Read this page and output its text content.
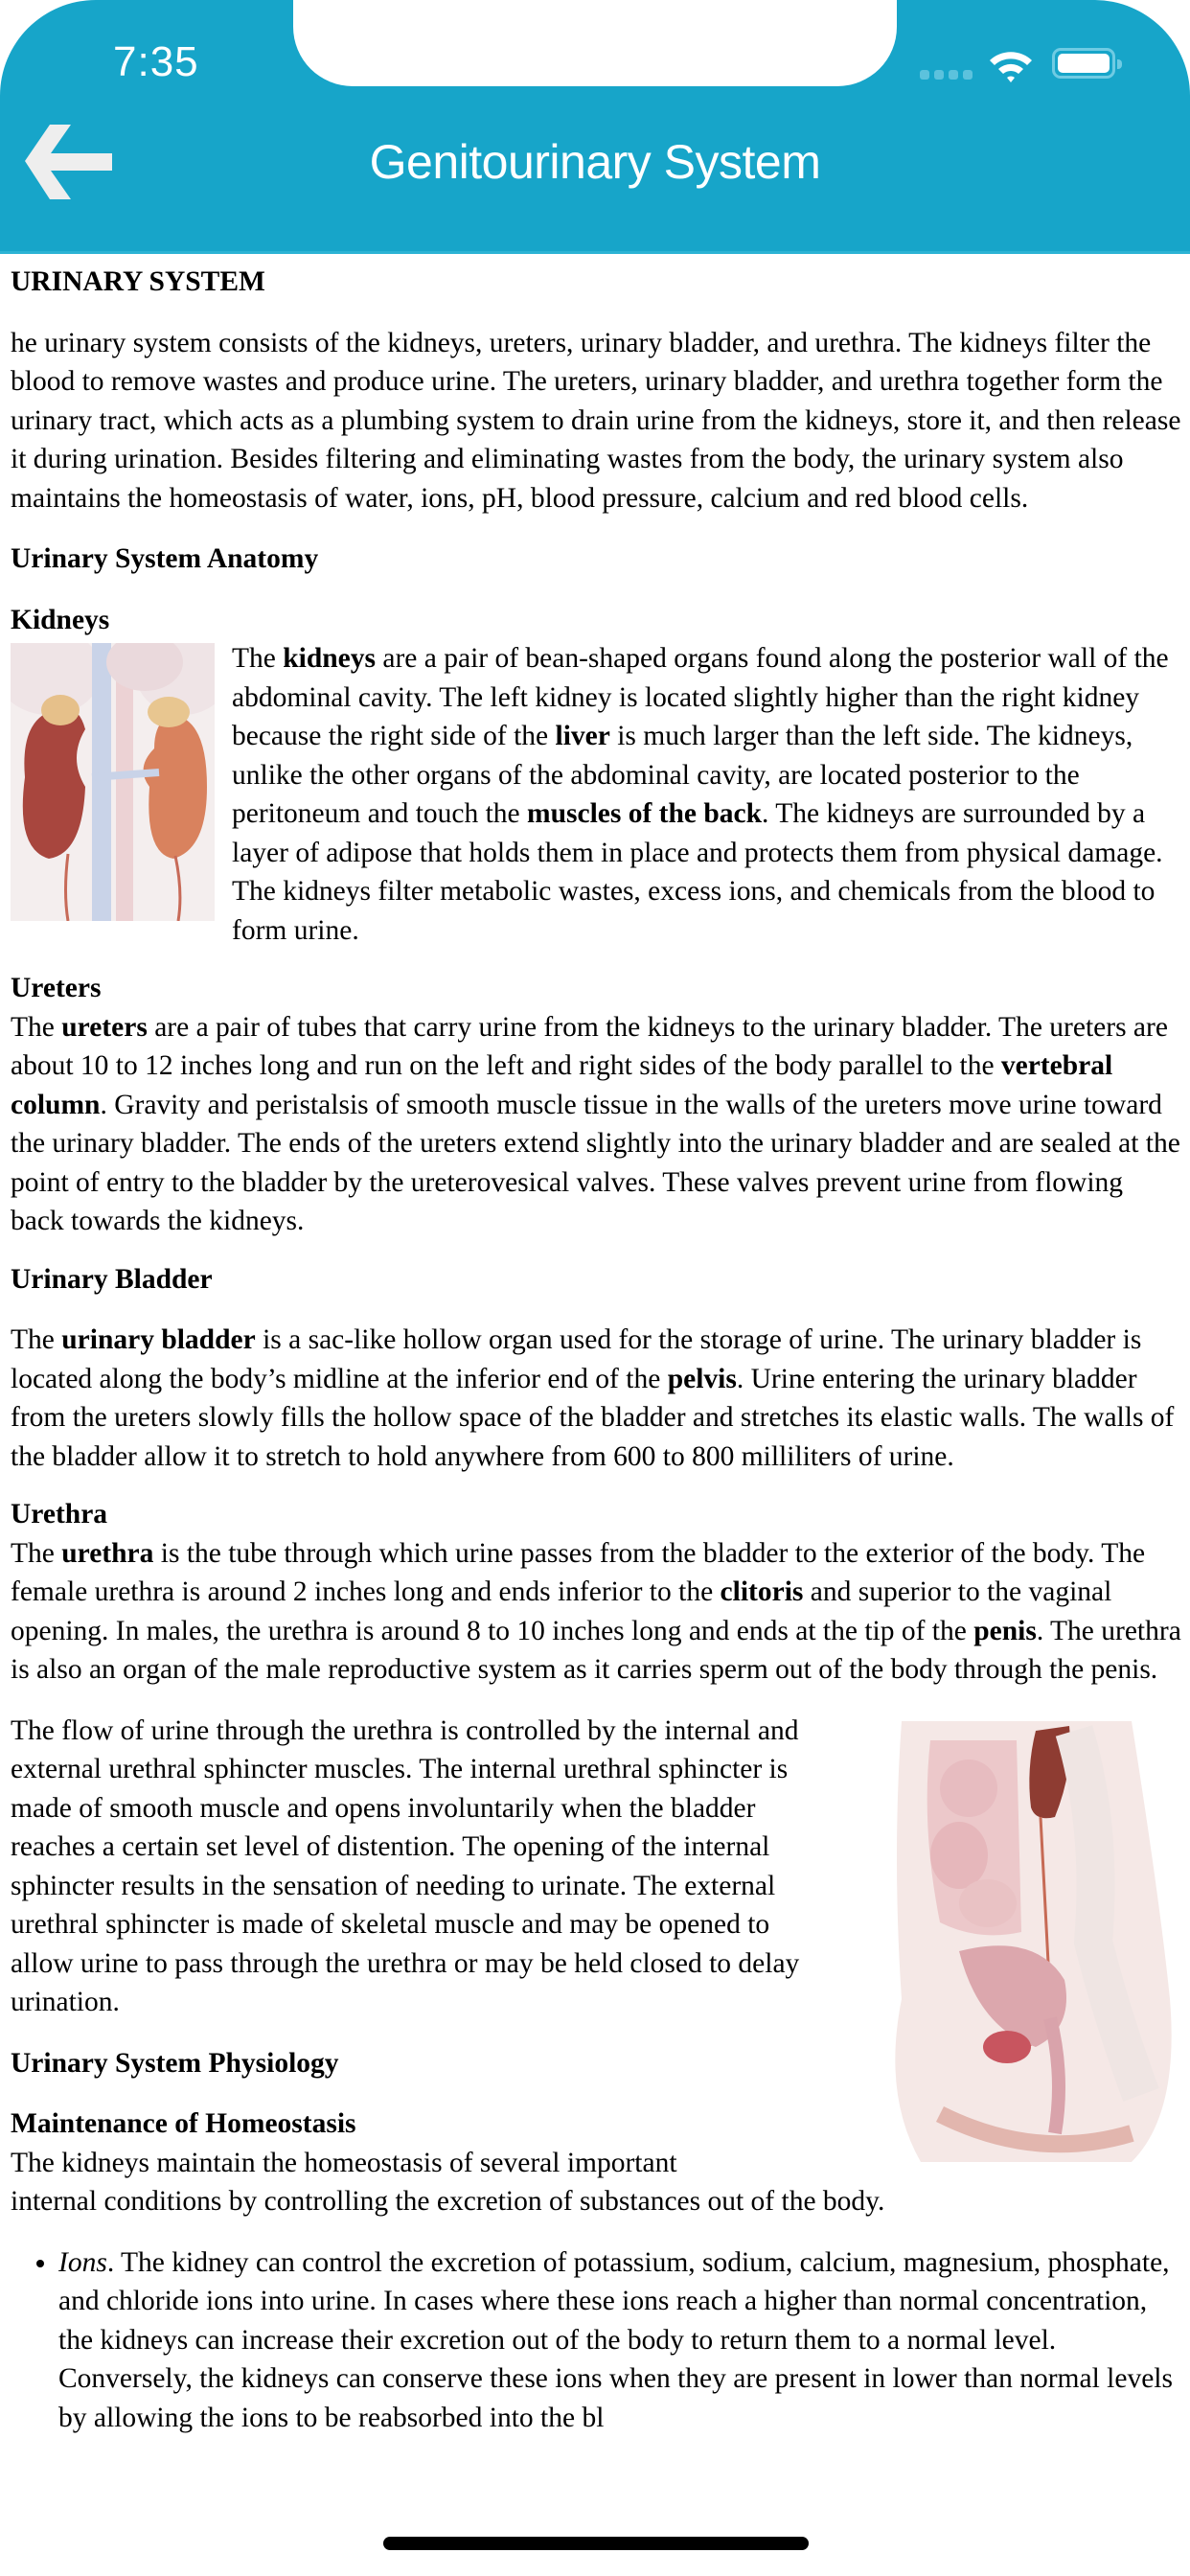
7:35
Genitourinary System

URINARY SYSTEM

he urinary system consists of the kidneys, ureters, urinary bladder, and urethra. The kidneys filter the blood to remove wastes and produce urine. The ureters, urinary bladder, and urethra together form the urinary tract, which acts as a plumbing system to drain urine from the kidneys, store it, and then release it during urination. Besides filtering and eliminating wastes from the body, the urinary system also maintains the homeostasis of water, ions, pH, blood pressure, calcium and red blood cells.

Urinary System Anatomy

Kidneys

The kidneys are a pair of bean-shaped organs found along the posterior wall of the abdominal cavity. The left kidney is located slightly higher than the right kidney because the right side of the liver is much larger than the left side. The kidneys, unlike the other organs of the abdominal cavity, are located posterior to the peritoneum and touch the muscles of the back. The kidneys are surrounded by a layer of adipose that holds them in place and protects them from physical damage. The kidneys filter metabolic wastes, excess ions, and chemicals from the blood to form urine.

Ureters

The ureters are a pair of tubes that carry urine from the kidneys to the urinary bladder. The ureters are about 10 to 12 inches long and run on the left and right sides of the body parallel to the vertebral column. Gravity and peristalsis of smooth muscle tissue in the walls of the ureters move urine toward the urinary bladder. The ends of the ureters extend slightly into the urinary bladder and are sealed at the point of entry to the bladder by the ureterovesical valves. These valves prevent urine from flowing back towards the kidneys.

Urinary Bladder

The urinary bladder is a sac-like hollow organ used for the storage of urine. The urinary bladder is located along the body’s midline at the inferior end of the pelvis. Urine entering the urinary bladder from the ureters slowly fills the hollow space of the bladder and stretches its elastic walls. The walls of the bladder allow it to stretch to hold anywhere from 600 to 800 milliliters of urine.

Urethra

The urethra is the tube through which urine passes from the bladder to the exterior of the body. The female urethra is around 2 inches long and ends inferior to the clitoris and superior to the vaginal opening. In males, the urethra is around 8 to 10 inches long and ends at the tip of the penis. The urethra is also an organ of the male reproductive system as it carries sperm out of the body through the penis.

The flow of urine through the urethra is controlled by the internal and external urethral sphincter muscles. The internal urethral sphincter is made of smooth muscle and opens involuntarily when the bladder reaches a certain set level of distention. The opening of the internal sphincter results in the sensation of needing to urinate. The external urethral sphincter is made of skeletal muscle and may be opened to allow urine to pass through the urethra or may be held closed to delay urination.

Urinary System Physiology

Maintenance of Homeostasis

The kidneys maintain the homeostasis of several important

internal conditions by controlling the excretion of substances out of the body.

• Ions. The kidney can control the excretion of potassium, sodium, calcium, magnesium, phosphate, and chloride ions into urine. In cases where these ions reach a higher than normal concentration, the kidneys can increase their excretion out of the body to return them to a normal level. Conversely, the kidneys can conserve these ions when they are present in lower than normal levels by allowing the ions to be reabsorbed into the bl
